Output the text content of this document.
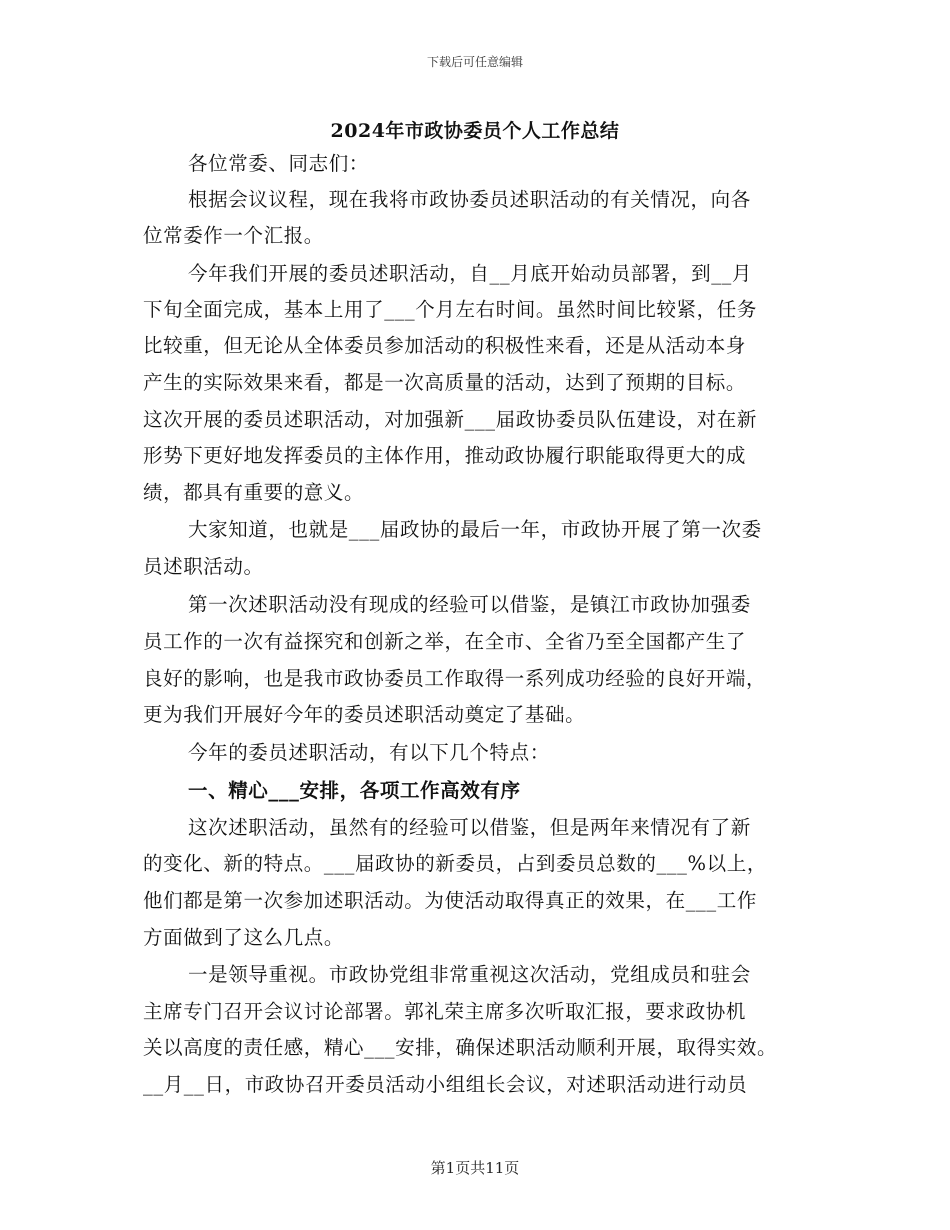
下载后可任意编辑
2024年市政协委员个人工作总结
各位常委、同志们：
根据会议议程，现在我将市政协委员述职活动的有关情况，向各
位常委作一个汇报。
今年我们开展的委员述职活动，自__月底开始动员部署，到__月
下旬全面完成，基本上用了___个月左右时间。虽然时间比较紧，任务
比较重，但无论从全体委员参加活动的积极性来看，还是从活动本身
产生的实际效果来看，都是一次高质量的活动，达到了预期的目标。
这次开展的委员述职活动，对加强新___届政协委员队伍建设，对在新
形势下更好地发挥委员的主体作用，推动政协履行职能取得更大的成
绩，都具有重要的意义。
大家知道，也就是___届政协的最后一年，市政协开展了第一次委
员述职活动。
第一次述职活动没有现成的经验可以借鉴，是镇江市政协加强委
员工作的一次有益探究和创新之举，在全市、全省乃至全国都产生了
良好的影响，也是我市政协委员工作取得一系列成功经验的良好开端，
更为我们开展好今年的委员述职活动奠定了基础。
今年的委员述职活动，有以下几个特点：
一、精心___安排，各项工作高效有序
这次述职活动，虽然有的经验可以借鉴，但是两年来情况有了新
的变化、新的特点。___届政协的新委员，占到委员总数的___%以上，
他们都是第一次参加述职活动。为使活动取得真正的效果，在___工作
方面做到了这么几点。
一是领导重视。市政协党组非常重视这次活动，党组成员和驻会
主席专门召开会议讨论部署。郭礼荣主席多次听取汇报，要求政协机
关以高度的责任感，精心___安排，确保述职活动顺利开展，取得实效。
__月__日，市政协召开委员活动小组组长会议，对述职活动进行动员
第1页共11页
